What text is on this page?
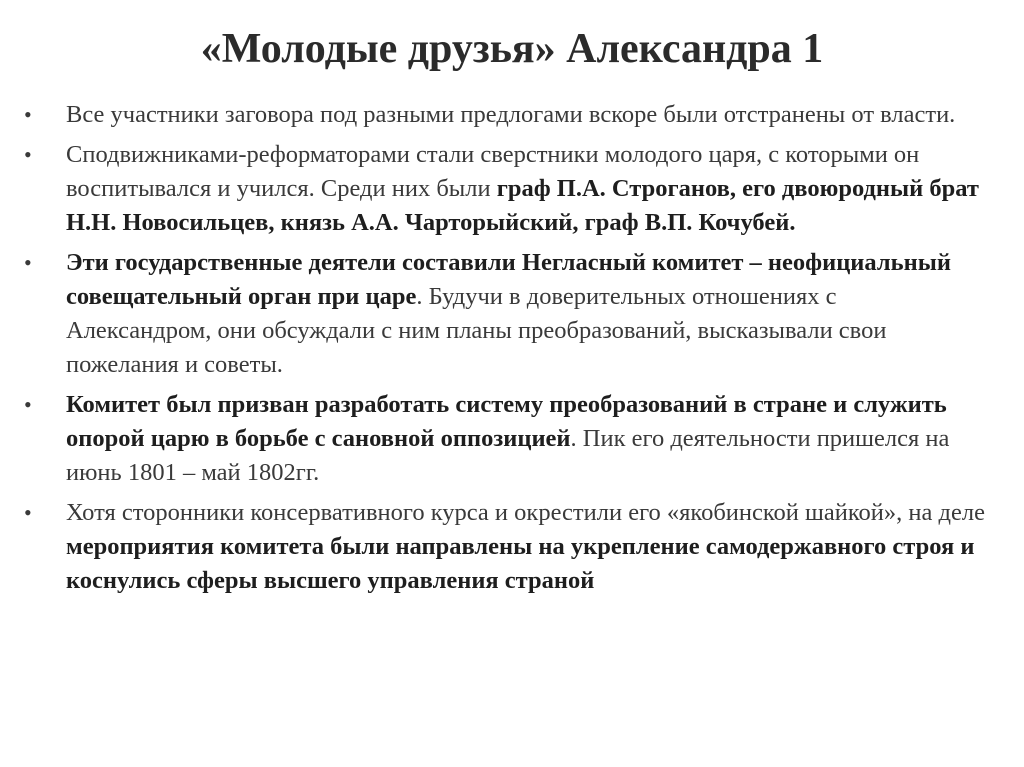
«Молодые друзья» Александра 1
•	Все участники заговора под разными предлогами вскоре были отстранены от власти.
•	Сподвижниками-реформаторами стали сверстники молодого царя, с которыми он воспитывался и учился. Среди них были граф П.А. Строганов, его двоюродный брат Н.Н. Новосильцев, князь А.А. Чарторыйский, граф В.П. Кочубей.
•	Эти государственные деятели составили Негласный комитет – неофициальный совещательный орган при царе. Будучи в доверительных отношениях с Александром, они обсуждали с ним планы преобразований, высказывали свои пожелания и советы.
•	Комитет был призван разработать систему преобразований в стране и служить опорой царю в борьбе с сановной оппозицией. Пик его деятельности пришелся на июнь 1801 – май 1802гг.
•	Хотя сторонники консервативного курса и окрестили его «якобинской шайкой», на деле мероприятия комитета были направлены на укрепление самодержавного строя и коснулись сферы высшего управления страной
